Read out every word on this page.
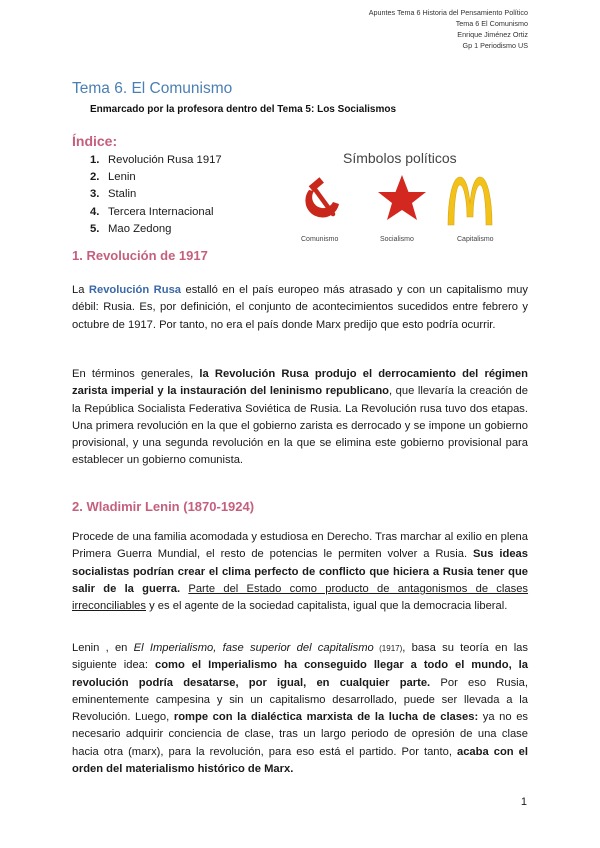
Apuntes Tema 6 Historia del Pensamiento Político
Tema 6 El Comunismo
Enrique Jiménez Ortiz
Gp 1 Periodismo US
Tema 6. El Comunismo
Enmarcado por la profesora dentro del Tema 5: Los Socialismos
Índice:
1. Revolución Rusa 1917
2. Lenin
3. Stalin
4. Tercera Internacional
5. Mao Zedong
Símbolos políticos
Comunismo	Socialismo	Capitalismo
1. Revolución de 1917

La Revolución Rusa estalló en el país europeo más atrasado y con un capitalismo muy débil: Rusia. Es, por definición, el conjunto de acontecimientos sucedidos entre febrero y octubre de 1917. Por tanto, no era el país donde Marx predijo que esto podría ocurrir.

En términos generales, la Revolución Rusa produjo el derrocamiento del régimen zarista imperial y la instauración del leninismo republicano, que llevaría la creación de la República Socialista Federativa Soviética de Rusia. La Revolución rusa tuvo dos etapas. Una primera revolución en la que el gobierno zarista es derrocado y se impone un gobierno provisional, y una segunda revolución en la que se elimina este gobierno provisional para establecer un gobierno comunista.

2. Wladimir Lenin (1870-1924)

Procede de una familia acomodada y estudiosa en Derecho. Tras marchar al exilio en plena Primera Guerra Mundial, el resto de potencias le permiten volver a Rusia. Sus ideas socialistas podrían crear el clima perfecto de conflicto que hiciera a Rusia tener que salir de la guerra. Parte del Estado como producto de antagonismos de clases irreconciliables y es el agente de la sociedad capitalista, igual que la democracia liberal.

Lenin , en El Imperialismo, fase superior del capitalismo (1917), basa su teoría en las siguiente idea: como el Imperialismo ha conseguido llegar a todo el mundo, la revolución podría desatarse, por igual, en cualquier parte. Por eso Rusia, eminentemente campesina y sin un capitalismo desarrollado, puede ser llevada a la Revolución. Luego, rompe con la dialéctica marxista de la lucha de clases: ya no es necesario adquirir conciencia de clase, tras un largo periodo de opresión de una clase hacia otra (marx), para la revolución, para eso está el partido. Por tanto, acaba con el orden del materialismo histórico de Marx.

1
